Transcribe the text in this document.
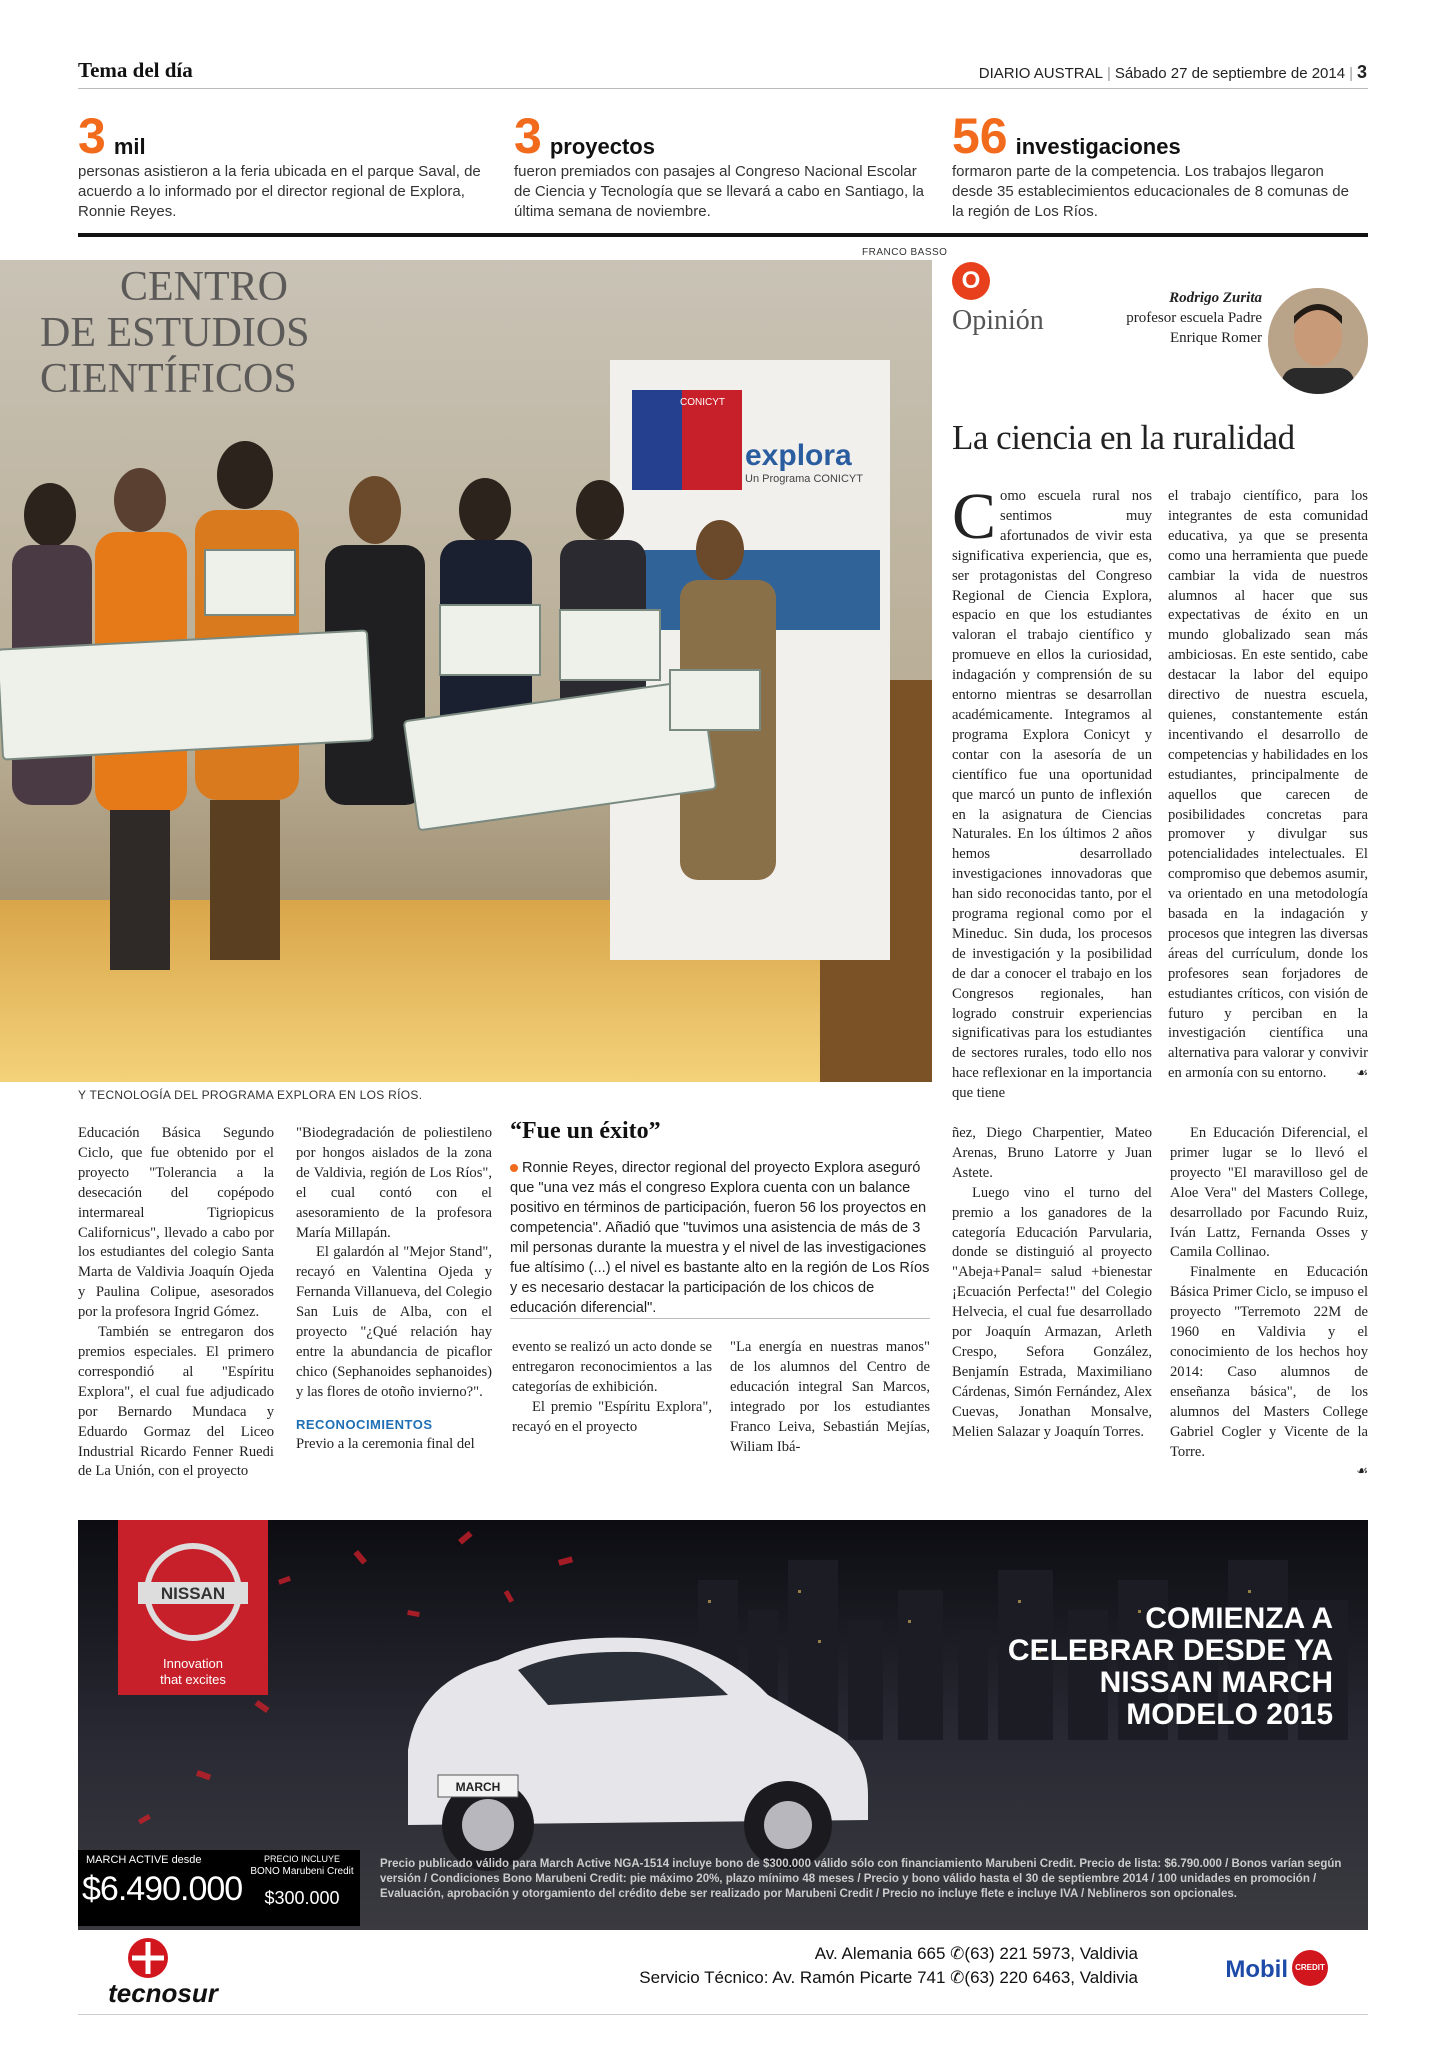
Tema del día	DIARIO AUSTRAL | Sábado 27 de septiembre de 2014 | 3
3 mil
personas asistieron a la feria ubicada en el parque Saval, de acuerdo a lo informado por el director regional de Explora, Ronnie Reyes.
3 proyectos
fueron premiados con pasajes al Congreso Nacional Escolar de Ciencia y Tecnología que se llevará a cabo en Santiago, la última semana de noviembre.
56 investigaciones
formaron parte de la competencia. Los trabajos llegaron desde 35 establecimientos educacionales de 8 comunas de la región de Los Ríos.
FRANCO BASSO
CENTRO
DE ESTUDIOS
CIENTÍFICOS
CONICYT
explora
Un Programa CONICYT
Y TECNOLOGÍA DEL PROGRAMA EXPLORA EN LOS RÍOS.
O
Opinión
Rodrigo Zurita
profesor escuela Padre Enrique Romer
La ciencia en la ruralidad
Como escuela rural nos sentimos muy afortunados de vivir esta significativa experiencia, que es, ser protagonistas del Congreso Regional de Ciencia Explora, espacio en que los estudiantes valoran el trabajo científico y promueve en ellos la curiosidad, indagación y comprensión de su entorno mientras se desarrollan académicamente. Integramos al programa Explora Conicyt y contar con la asesoría de un científico fue una oportunidad que marcó un punto de inflexión en la asignatura de Ciencias Naturales. En los últimos 2 años hemos desarrollado investigaciones innovadoras que han sido reconocidas tanto, por el programa regional como por el Mineduc. Sin duda, los procesos de investigación y la posibilidad de dar a conocer el trabajo en los Congresos regionales, han logrado construir experiencias significativas para los estudiantes de sectores rurales, todo ello nos hace reflexionar en la importancia que tiene
el trabajo científico, para los integrantes de esta comunidad educativa, ya que se presenta como una herramienta que puede cambiar la vida de nuestros alumnos al hacer que sus expectativas de éxito en un mundo globalizado sean más ambiciosas. En este sentido, cabe destacar la labor del equipo directivo de nuestra escuela, quienes, constantemente están incentivando el desarrollo de competencias y habilidades en los estudiantes, principalmente de aquellos que carecen de posibilidades concretas para promover y divulgar sus potencialidades intelectuales. El compromiso que debemos asumir, va orientado en una metodología basada en la indagación y procesos que integren las diversas áreas del currículum, donde los profesores sean forjadores de estudiantes críticos, con visión de futuro y perciban en la investigación científica una alternativa para valorar y convivir en armonía con su entorno. ☙

Educación Básica Segundo Ciclo, que fue obtenido por el proyecto "Tolerancia a la desecación del copépodo intermareal Tigriopicus Californicus", llevado a cabo por los estudiantes del colegio Santa Marta de Valdivia Joaquín Ojeda y Paulina Colipue, asesorados por la profesora Ingrid Gómez.

También se entregaron dos premios especiales. El primero correspondió al "Espíritu Explora", el cual fue adjudicado por Bernardo Mundaca y Eduardo Gormaz del Liceo Industrial Ricardo Fenner Ruedi de La Unión, con el proyecto

"Biodegradación de poliestileno por hongos aislados de la zona de Valdivia, región de Los Ríos", el cual contó con el asesoramiento de la profesora María Millapán.

El galardón al "Mejor Stand", recayó en Valentina Ojeda y Fernanda Villanueva, del Colegio San Luis de Alba, con el proyecto "¿Qué relación hay entre la abundancia de picaflor chico (Sephanoides sephanoides) y las flores de otoño invierno?".

RECONOCIMIENTOS

Previo a la ceremonia final del

“Fue un éxito”
Ronnie Reyes, director regional del proyecto Explora aseguró que "una vez más el congreso Explora cuenta con un balance positivo en términos de participación, fueron 56 los proyectos en competencia". Añadió que "tuvimos una asistencia de más de 3 mil personas durante la muestra y el nivel de las investigaciones fue altísimo (...) el nivel es bastante alto en la región de Los Ríos y es necesario destacar la participación de los chicos de educación diferencial".

evento se realizó un acto donde se entregaron reconocimientos a las categorías de exhibición.

El premio "Espíritu Explora", recayó en el proyecto

"La energía en nuestras manos" de los alumnos del Centro de educación integral San Marcos, integrado por los estudiantes Franco Leiva, Sebastián Mejías, Wiliam Ibá-

ñez, Diego Charpentier, Mateo Arenas, Bruno Latorre y Juan Astete.

Luego vino el turno del premio a los ganadores de la categoría Educación Parvularia, donde se distinguió al proyecto "Abeja+Panal= salud +bienestar ¡Ecuación Perfecta!" del Colegio Helvecia, el cual fue desarrollado por Joaquín Armazan, Arleth Crespo, Sefora González, Benjamín Estrada, Maximiliano Cárdenas, Simón Fernández, Alex Cuevas, Jonathan Monsalve, Melien Salazar y Joaquín Torres.

En Educación Diferencial, el primer lugar se lo llevó el proyecto "El maravilloso gel de Aloe Vera" del Masters College, desarrollado por Facundo Ruiz, Iván Lattz, Fernanda Osses y Camila Collinao.

Finalmente en Educación Básica Primer Ciclo, se impuso el proyecto "Terremoto 22M de 1960 en Valdivia y el conocimiento de los hechos hoy 2014: Caso alumnos de enseñanza básica", de los alumnos del Masters College Gabriel Cogler y Vicente de la Torre.

☙
NISSAN
Innovation
that excites
MARCH
COMIENZA A
CELEBRAR DESDE YA
NISSAN MARCH
MODELO 2015
MARCH ACTIVE desde
$6.490.000
PRECIO INCLUYE
BONO Marubeni Credit
$300.000
Precio publicado válido para March Active NGA-1514 incluye bono de $300.000 válido sólo con financiamiento Marubeni Credit. Precio de lista: $6.790.000 / Bonos varían según versión / Condiciones Bono Marubeni Credit: pie máximo 20%, plazo mínimo 48 meses / Precio y bono válido hasta el 30 de septiembre 2014 / 100 unidades en promoción / Evaluación, aprobación y otorgamiento del crédito debe ser realizado por Marubeni Credit / Precio no incluye flete e incluye IVA / Neblineros son opcionales.
tecnosur
Av. Alemania 665 ✆(63) 221 5973, Valdivia
Servicio Técnico: Av. Ramón Picarte 741 ✆(63) 220 6463, Valdivia	Mobil CREDIT
